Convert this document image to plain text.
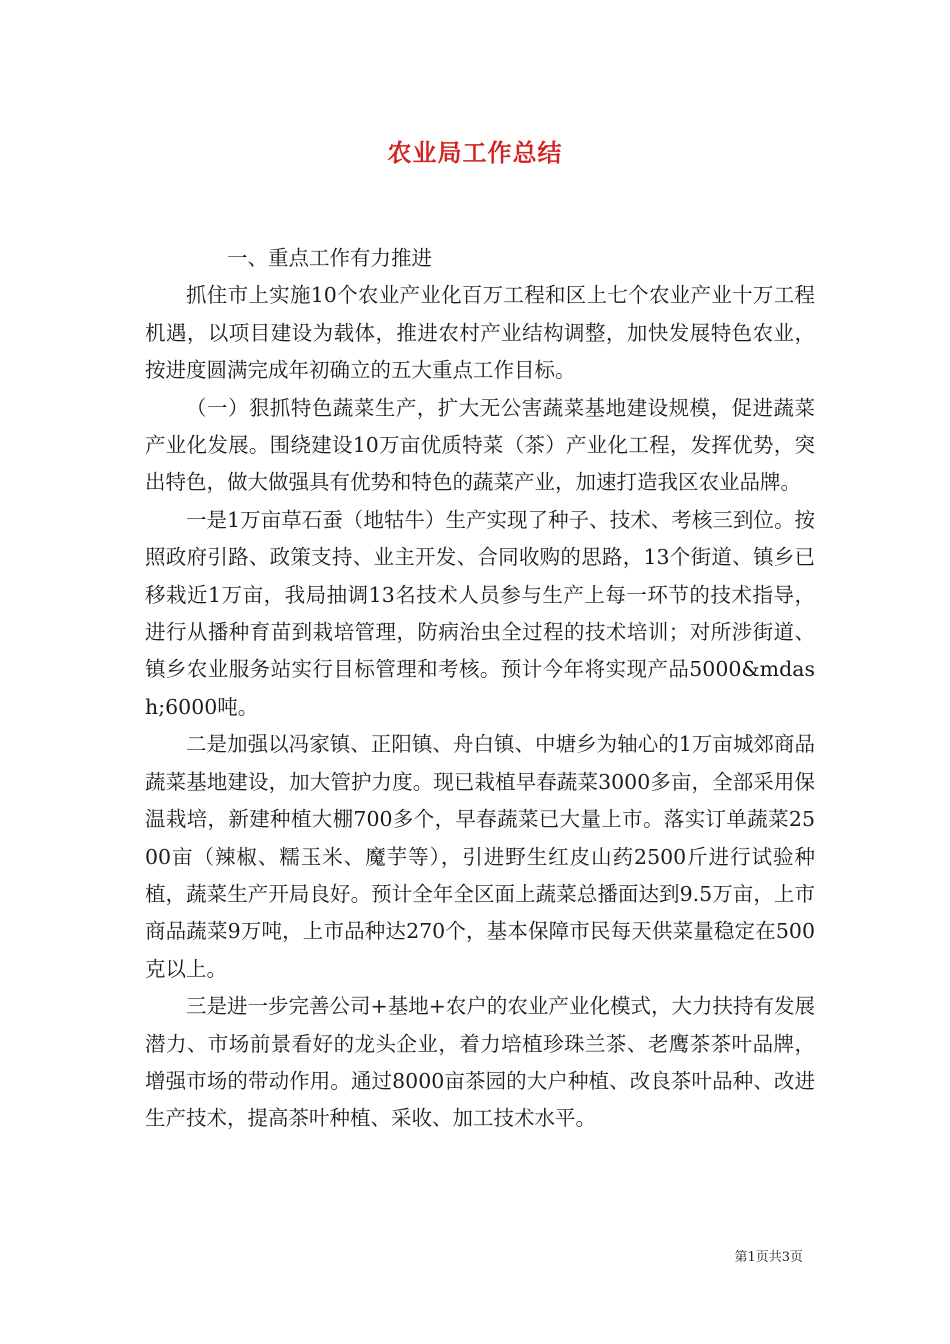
农业局工作总结

一、重点工作有力推进

抓住市上实施10个农业产业化百万工程和区上七个农业产业十万工程机遇，以项目建设为载体，推进农村产业结构调整，加快发展特色农业，按进度圆满完成年初确立的五大重点工作目标。

（一）狠抓特色蔬菜生产，扩大无公害蔬菜基地建设规模，促进蔬菜产业化发展。围绕建设10万亩优质特菜（茶）产业化工程，发挥优势，突出特色，做大做强具有优势和特色的蔬菜产业，加速打造我区农业品牌。

一是1万亩草石蚕（地牯牛）生产实现了种子、技术、考核三到位。按照政府引路、政策支持、业主开发、合同收购的思路，13个街道、镇乡已移栽近1万亩，我局抽调13名技术人员参与生产上每一环节的技术指导，进行从播种育苗到栽培管理，防病治虫全过程的技术培训；对所涉街道、镇乡农业服务站实行目标管理和考核。预计今年将实现产品5000&mdash;6000吨。

二是加强以冯家镇、正阳镇、舟白镇、中塘乡为轴心的1万亩城郊商品蔬菜基地建设，加大管护力度。现已栽植早春蔬菜3000多亩，全部采用保温栽培，新建种植大棚700多个，早春蔬菜已大量上市。落实订单蔬菜2500亩（辣椒、糯玉米、魔芋等），引进野生红皮山药2500斤进行试验种植，蔬菜生产开局良好。预计全年全区面上蔬菜总播面达到9.5万亩，上市商品蔬菜9万吨，上市品种达270个，基本保障市民每天供菜量稳定在500克以上。

三是进一步完善公司+基地+农户的农业产业化模式，大力扶持有发展潜力、市场前景看好的龙头企业，着力培植珍珠兰茶、老鹰茶茶叶品牌，增强市场的带动作用。通过8000亩茶园的大户种植、改良茶叶品种、改进生产技术，提高茶叶种植、采收、加工技术水平。

第1页共3页
